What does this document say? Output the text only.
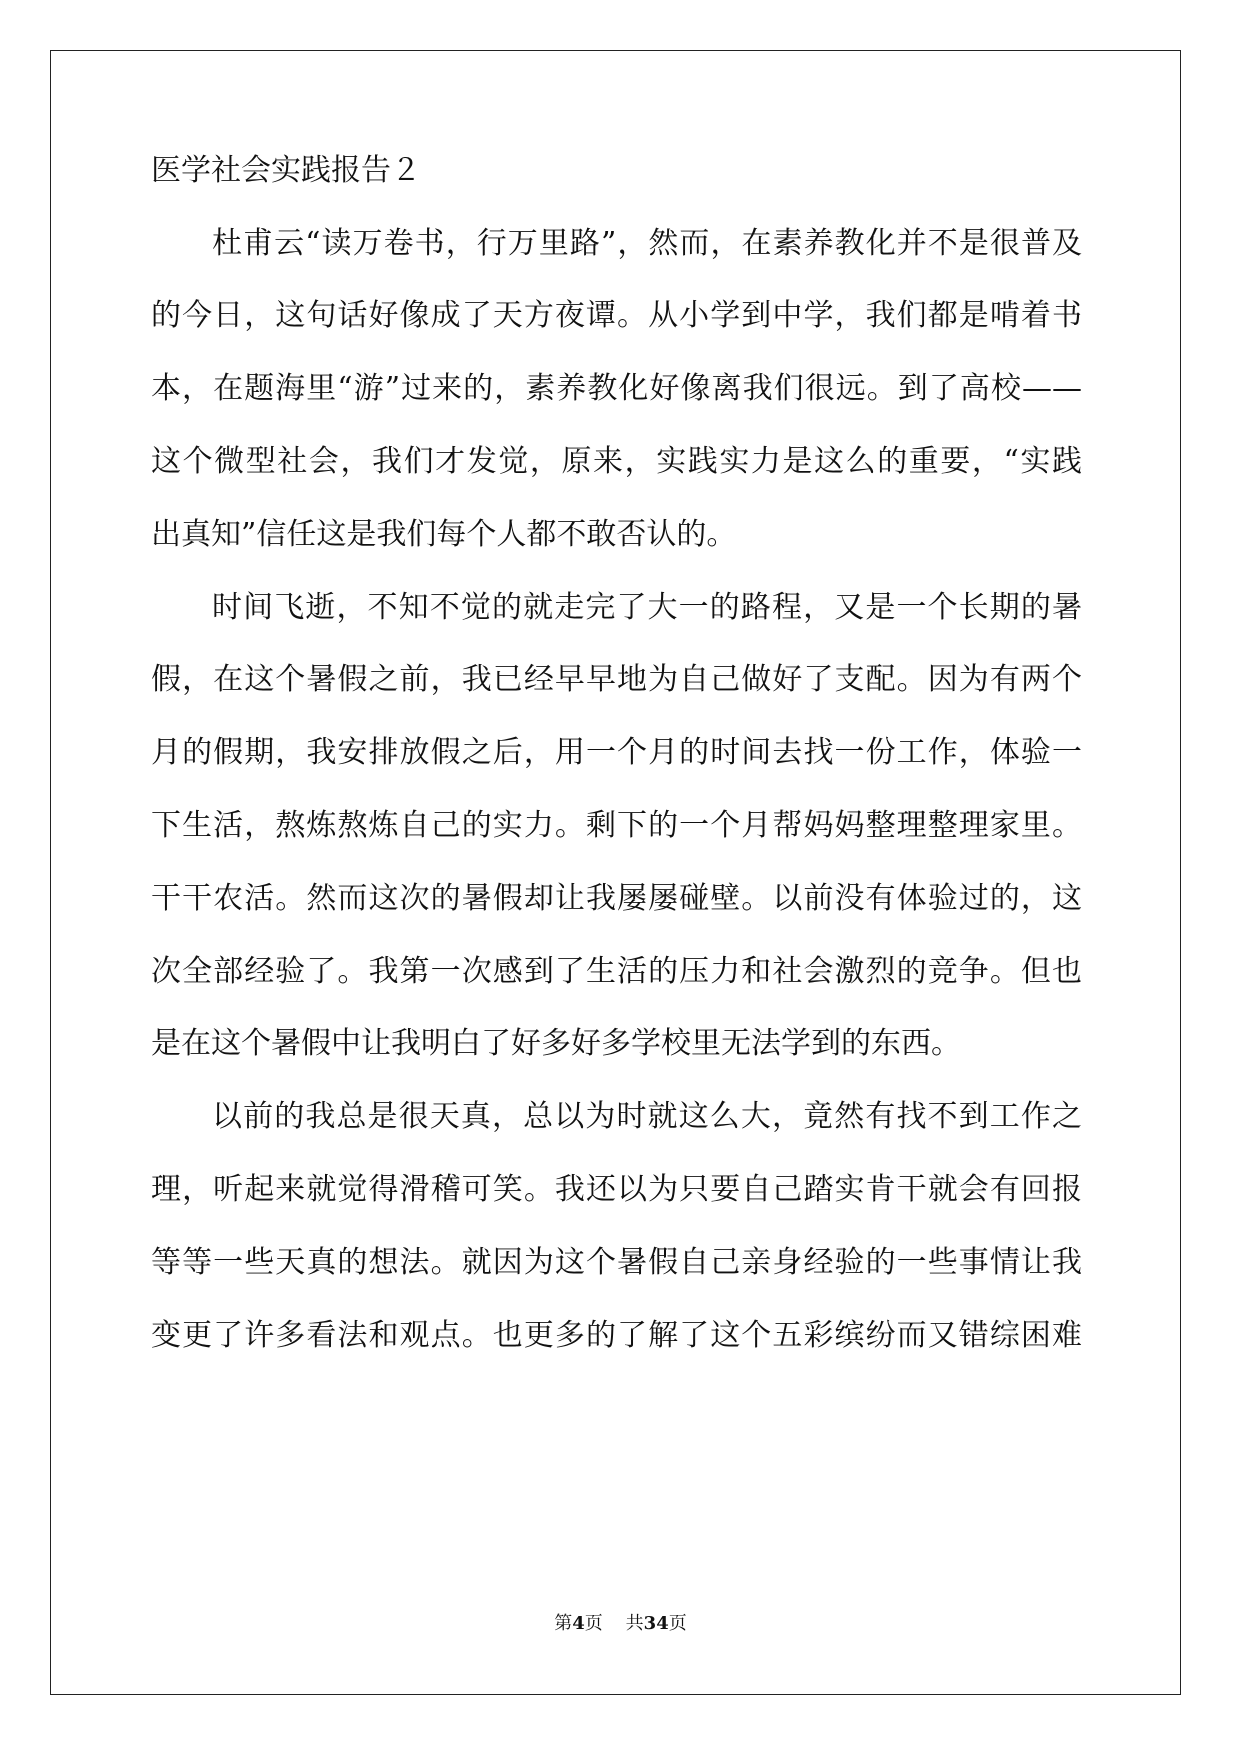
医学社会实践报告２

杜甫云“读万卷书，行万里路”，然而，在素养教化并不是很普及

的今日，这句话好像成了天方夜谭。从小学到中学，我们都是啃着书

本，在题海里“游”过来的，素养教化好像离我们很远。到了高校——

这个微型社会，我们才发觉，原来，实践实力是这么的重要，“实践

出真知”信任这是我们每个人都不敢否认的。

时间飞逝，不知不觉的就走完了大一的路程，又是一个长期的暑

假，在这个暑假之前，我已经早早地为自己做好了支配。因为有两个

月的假期，我安排放假之后，用一个月的时间去找一份工作，体验一

下生活，熬炼熬炼自己的实力。剩下的一个月帮妈妈整理整理家里。

干干农活。然而这次的暑假却让我屡屡碰壁。以前没有体验过的，这

次全部经验了。我第一次感到了生活的压力和社会激烈的竞争。但也

是在这个暑假中让我明白了好多好多学校里无法学到的东西。

以前的我总是很天真，总以为时就这么大，竟然有找不到工作之

理，听起来就觉得滑稽可笑。我还以为只要自己踏实肯干就会有回报

等等一些天真的想法。就因为这个暑假自己亲身经验的一些事情让我

变更了许多看法和观点。也更多的了解了这个五彩缤纷而又错综困难

第4页 共34页
